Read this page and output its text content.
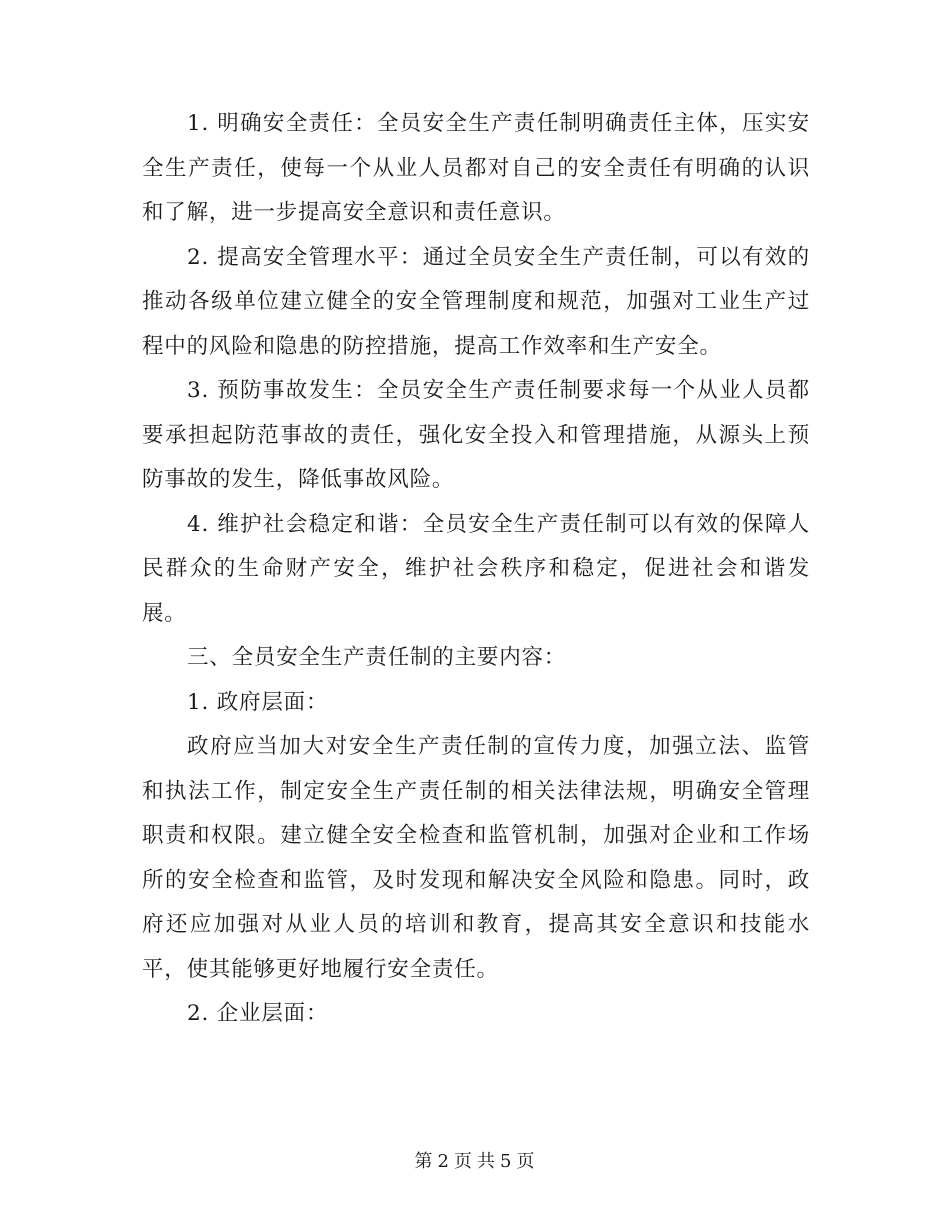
1. 明确安全责任：全员安全生产责任制明确责任主体，压实安全生产责任，使每一个从业人员都对自己的安全责任有明确的认识和了解，进一步提高安全意识和责任意识。

2. 提高安全管理水平：通过全员安全生产责任制，可以有效的推动各级单位建立健全的安全管理制度和规范，加强对工业生产过程中的风险和隐患的防控措施，提高工作效率和生产安全。

3. 预防事故发生：全员安全生产责任制要求每一个从业人员都要承担起防范事故的责任，强化安全投入和管理措施，从源头上预防事故的发生，降低事故风险。

4. 维护社会稳定和谐：全员安全生产责任制可以有效的保障人民群众的生命财产安全，维护社会秩序和稳定，促进社会和谐发展。

三、全员安全生产责任制的主要内容：

1. 政府层面：

政府应当加大对安全生产责任制的宣传力度，加强立法、监管和执法工作，制定安全生产责任制的相关法律法规，明确安全管理职责和权限。建立健全安全检查和监管机制，加强对企业和工作场所的安全检查和监管，及时发现和解决安全风险和隐患。同时，政府还应加强对从业人员的培训和教育，提高其安全意识和技能水平，使其能够更好地履行安全责任。

2. 企业层面：

第 2 页 共 5 页
